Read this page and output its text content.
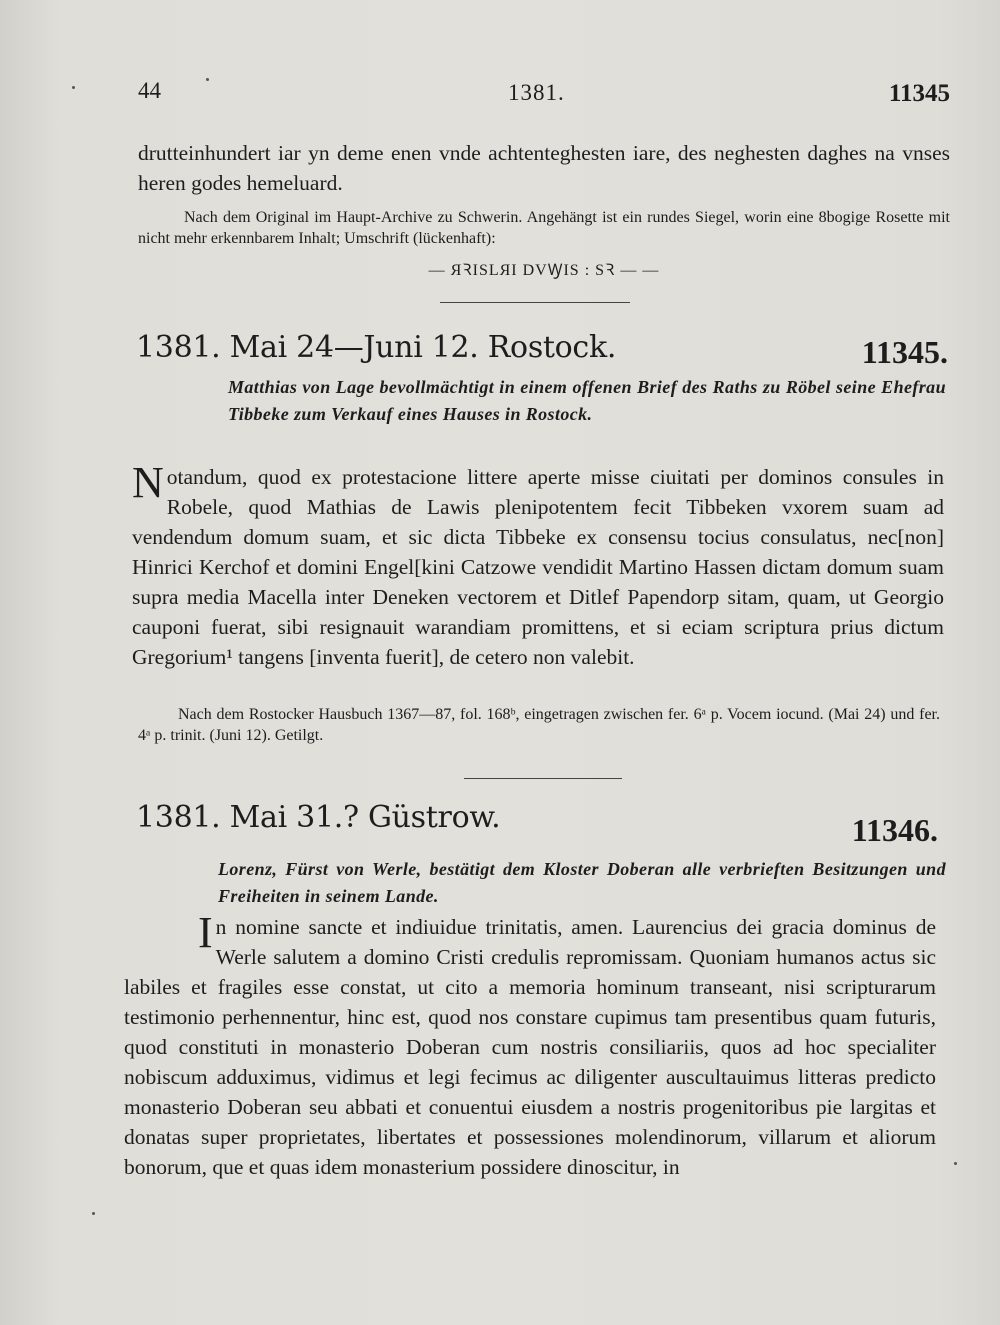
44	1381.	11345

drutteinhundert iar yn deme enen vnde achtenteghesten iare, des neghesten daghes na vnses heren godes hemeluard.

Nach dem Original im Haupt-Archive zu Schwerin. Angehängt ist ein rundes Siegel, worin eine 8bogige Rosette mit nicht mehr erkennbarem Inhalt; Umschrift (lückenhaft):

— ЯꝚISLЯI DVꝠIS : SꝚ — —
1381. Mai 24—Juni 12. Rostock.	11345.

Matthias von Lage bevollmächtigt in einem offenen Brief des Raths zu Röbel seine Ehefrau Tibbeke zum Verkauf eines Hauses in Rostock.

N otandum, quod ex protestacione littere aperte misse ciuitati per dominos consules in Robele, quod Mathias de Lawis plenipotentem fecit Tibbeken vxorem suam ad vendendum domum suam, et sic dicta Tibbeke ex consensu tocius consulatus, nec[non] Hinrici Kerchof et domini Engel[kini Catzowe vendidit Martino Hassen dictam domum suam supra media Macella inter Deneken vectorem et Ditlef Papendorp sitam, quam, ut Georgio cauponi fuerat, sibi resignauit warandiam promittens, et si eciam scriptura prius dictum Gregorium¹ tangens [inventa fuerit], de cetero non valebit.

Nach dem Rostocker Hausbuch 1367—87, fol. 168ᵇ, eingetragen zwischen fer. 6ᵃ p. Vocem iocund. (Mai 24) und fer. 4ᵃ p. trinit. (Juni 12). Getilgt.

1381. Mai 31.? Güstrow.	11346.

Lorenz, Fürst von Werle, bestätigt dem Kloster Doberan alle verbrieften Besitzungen und Freiheiten in seinem Lande.

I n nomine sancte et indiuidue trinitatis, amen. Laurencius dei gracia dominus de Werle salutem a domino Cristi credulis repromissam. Quoniam humanos actus sic labiles et fragiles esse constat, ut cito a memoria hominum transeant, nisi scripturarum testimonio perhennentur, hinc est, quod nos constare cupimus tam presentibus quam futuris, quod constituti in monasterio Doberan cum nostris consiliariis, quos ad hoc specialiter nobiscum adduximus, vidimus et legi fecimus ac diligenter auscultauimus litteras predicto monasterio Doberan seu abbati et conuentui eiusdem a nostris progenitoribus pie largitas et donatas super proprietates, libertates et possessiones molendinorum, villarum et aliorum bonorum, que et quas idem monasterium possidere dinoscitur, in
